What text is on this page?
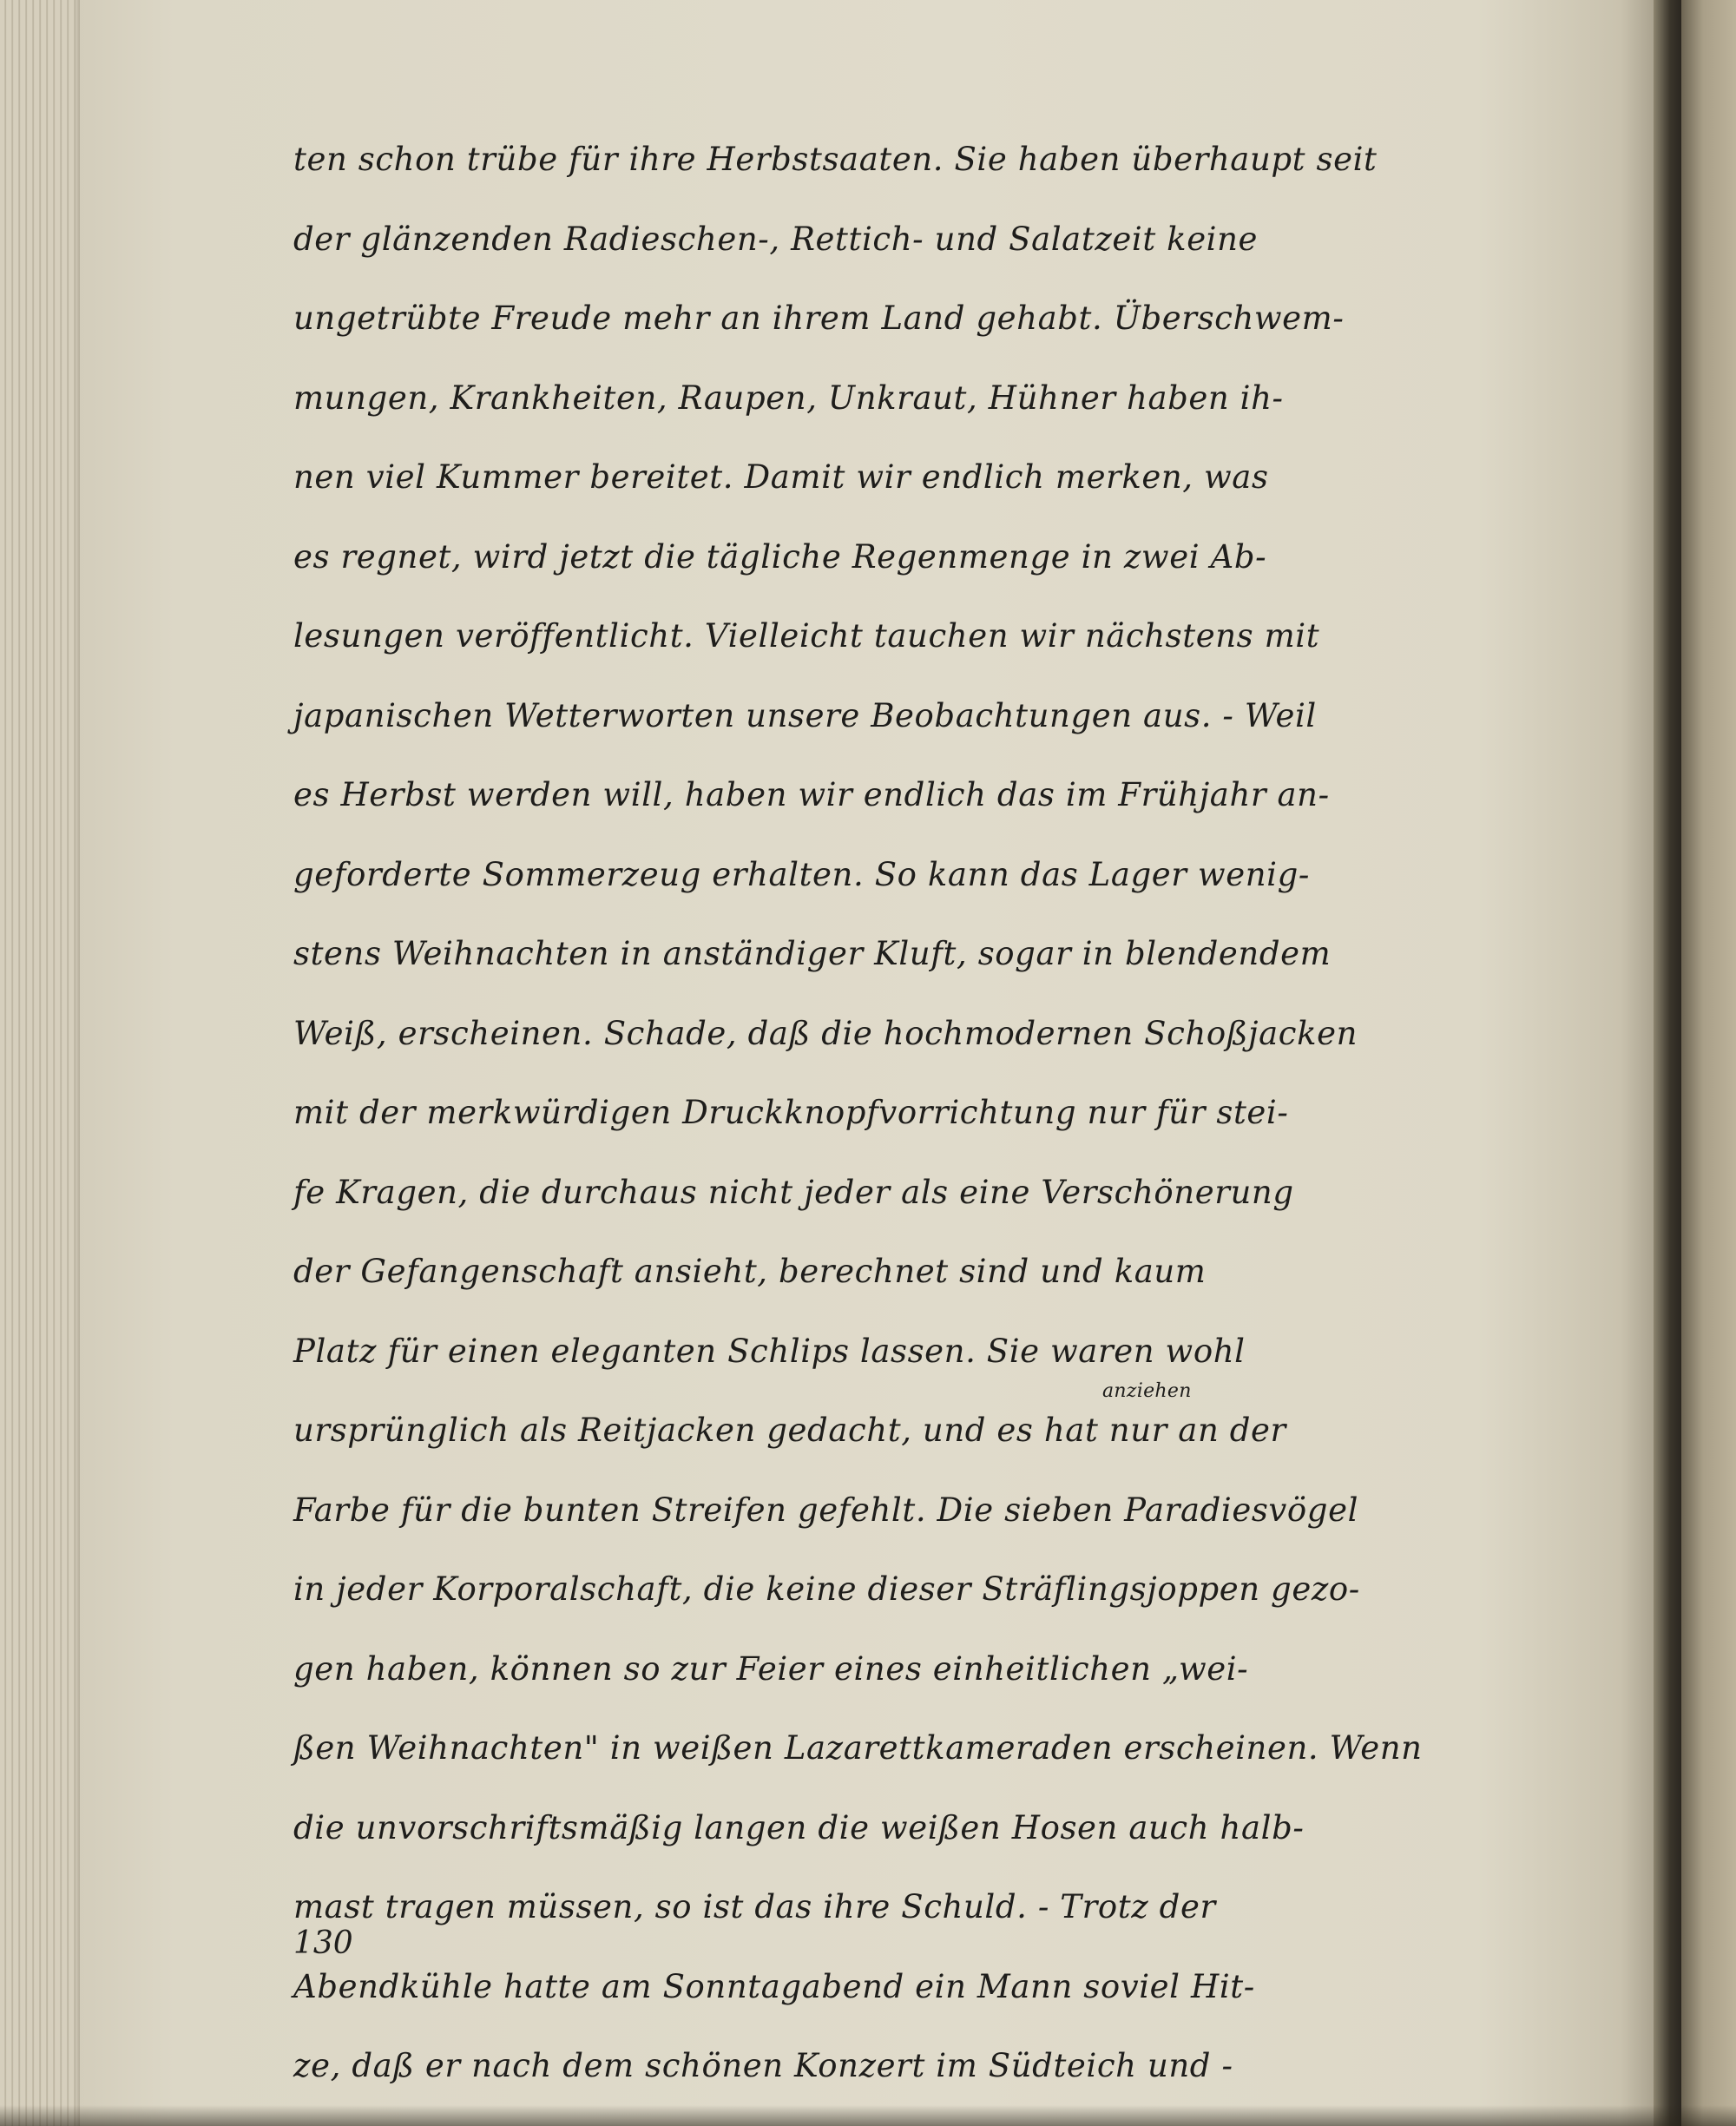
ten schon trübe für ihre Herbstsaaten. Sie haben überhaupt seit
der glänzenden Radieschen-, Rettich- und Salatzeit keine
ungetrübte Freude mehr an ihrem Land gehabt. Überschwem-
mungen, Krankheiten, Raupen, Unkraut, Hühner haben ih-
nen viel Kummer bereitet. Damit wir endlich merken, was
es regnet, wird jetzt die tägliche Regenmenge in zwei Ab-
lesungen veröffentlicht. Vielleicht tauchen wir nächstens mit
japanischen Wetterworten unsere Beobachtungen aus. - Weil
es Herbst werden will, haben wir endlich das im Frühjahr an-
geforderte Sommerzeug erhalten. So kann das Lager wenig-
stens Weihnachten in anständiger Kluft, sogar in blendendem
Weiß, erscheinen. Schade, daß die hochmodernen Schoßjacken
mit der merkwürdigen Druckknopfvorrichtung nur für stei-
fe Kragen, die durchaus nicht jeder als eine Verschönerung
der Gefangenschaft ansieht, berechnet sind und kaum
Platz für einen eleganten Schlips lassen. Sie waren wohl
ursprünglich als Reitjacken gedacht, und es hat nur an der
Farbe für die bunten Streifen gefehlt. Die sieben Paradiesvögel
in jeder Korporalschaft, die keine dieser Sträflingsjoppen gezo-
gen haben, können so zur Feier eines einheitlichen „wei-
ßen Weihnachten" in weißen Lazarettkameraden erscheinen. Wenn
die unvorschriftsmäßig langen die weißen Hosen auch halb-
mast tragen müssen, so ist das ihre Schuld. - Trotz der
Abendkühle hatte am Sonntagabend ein Mann soviel Hit-
ze, daß er nach dem schönen Konzert im Südteich und -
anziehen
130
